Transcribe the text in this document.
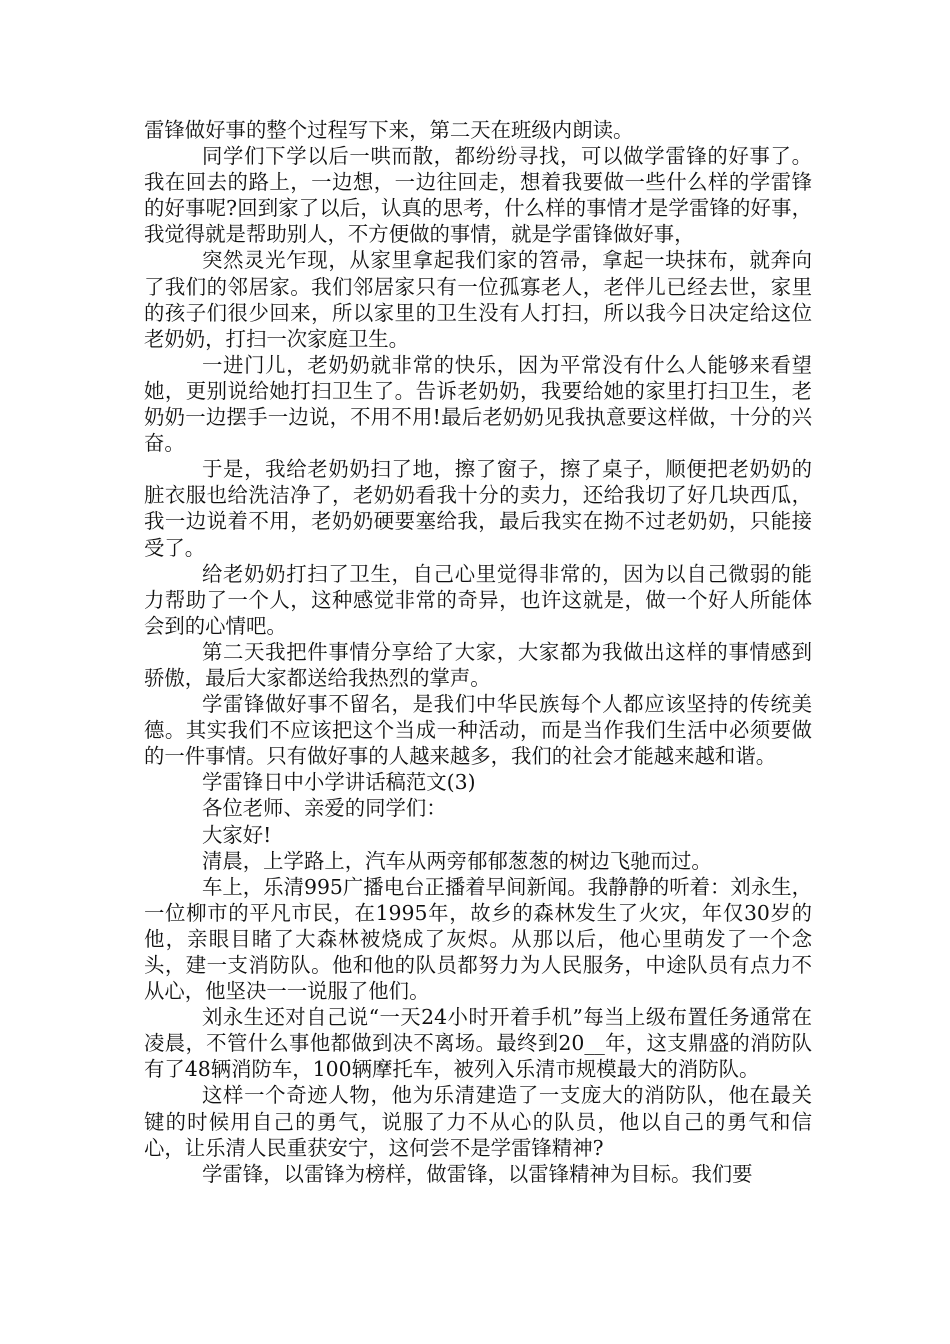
雷锋做好事的整个过程写下来，第二天在班级内朗读。

同学们下学以后一哄而散，都纷纷寻找，可以做学雷锋的好事了。我在回去的路上，一边想，一边往回走，想着我要做一些什么样的学雷锋的好事呢?回到家了以后，认真的思考，什么样的事情才是学雷锋的好事，我觉得就是帮助别人，不方便做的事情，就是学雷锋做好事，

突然灵光乍现，从家里拿起我们家的笤帚，拿起一块抹布，就奔向了我们的邻居家。我们邻居家只有一位孤寡老人，老伴儿已经去世，家里的孩子们很少回来，所以家里的卫生没有人打扫，所以我今日决定给这位老奶奶，打扫一次家庭卫生。

一进门儿，老奶奶就非常的快乐，因为平常没有什么人能够来看望她，更别说给她打扫卫生了。告诉老奶奶，我要给她的家里打扫卫生，老奶奶一边摆手一边说，不用不用!最后老奶奶见我执意要这样做，十分的兴奋。

于是，我给老奶奶扫了地，擦了窗子，擦了桌子，顺便把老奶奶的脏衣服也给洗洁净了，老奶奶看我十分的卖力，还给我切了好几块西瓜，我一边说着不用，老奶奶硬要塞给我，最后我实在拗不过老奶奶，只能接受了。

给老奶奶打扫了卫生，自己心里觉得非常的，因为以自己微弱的能力帮助了一个人，这种感觉非常的奇异，也许这就是，做一个好人所能体会到的心情吧。

第二天我把件事情分享给了大家，大家都为我做出这样的事情感到骄傲，最后大家都送给我热烈的掌声。

学雷锋做好事不留名，是我们中华民族每个人都应该坚持的传统美德。其实我们不应该把这个当成一种活动，而是当作我们生活中必须要做的一件事情。只有做好事的人越来越多，我们的社会才能越来越和谐。

学雷锋日中小学讲话稿范文(3)

各位老师、亲爱的同学们：

大家好!

清晨，上学路上，汽车从两旁郁郁葱葱的树边飞驰而过。

车上，乐清995广播电台正播着早间新闻。我静静的听着：刘永生，一位柳市的平凡市民，在1995年，故乡的森林发生了火灾，年仅30岁的他，亲眼目睹了大森林被烧成了灰烬。从那以后，他心里萌发了一个念头，建一支消防队。他和他的队员都努力为人民服务，中途队员有点力不从心，他坚决一一说服了他们。

刘永生还对自己说“一天24小时开着手机”每当上级布置任务通常在凌晨，不管什么事他都做到决不离场。最终到20__年，这支鼎盛的消防队有了48辆消防车，100辆摩托车，被列入乐清市规模最大的消防队。

这样一个奇迹人物，他为乐清建造了一支庞大的消防队，他在最关键的时候用自己的勇气，说服了力不从心的队员，他以自己的勇气和信心，让乐清人民重获安宁，这何尝不是学雷锋精神?

学雷锋，以雷锋为榜样，做雷锋，以雷锋精神为目标。我们要
